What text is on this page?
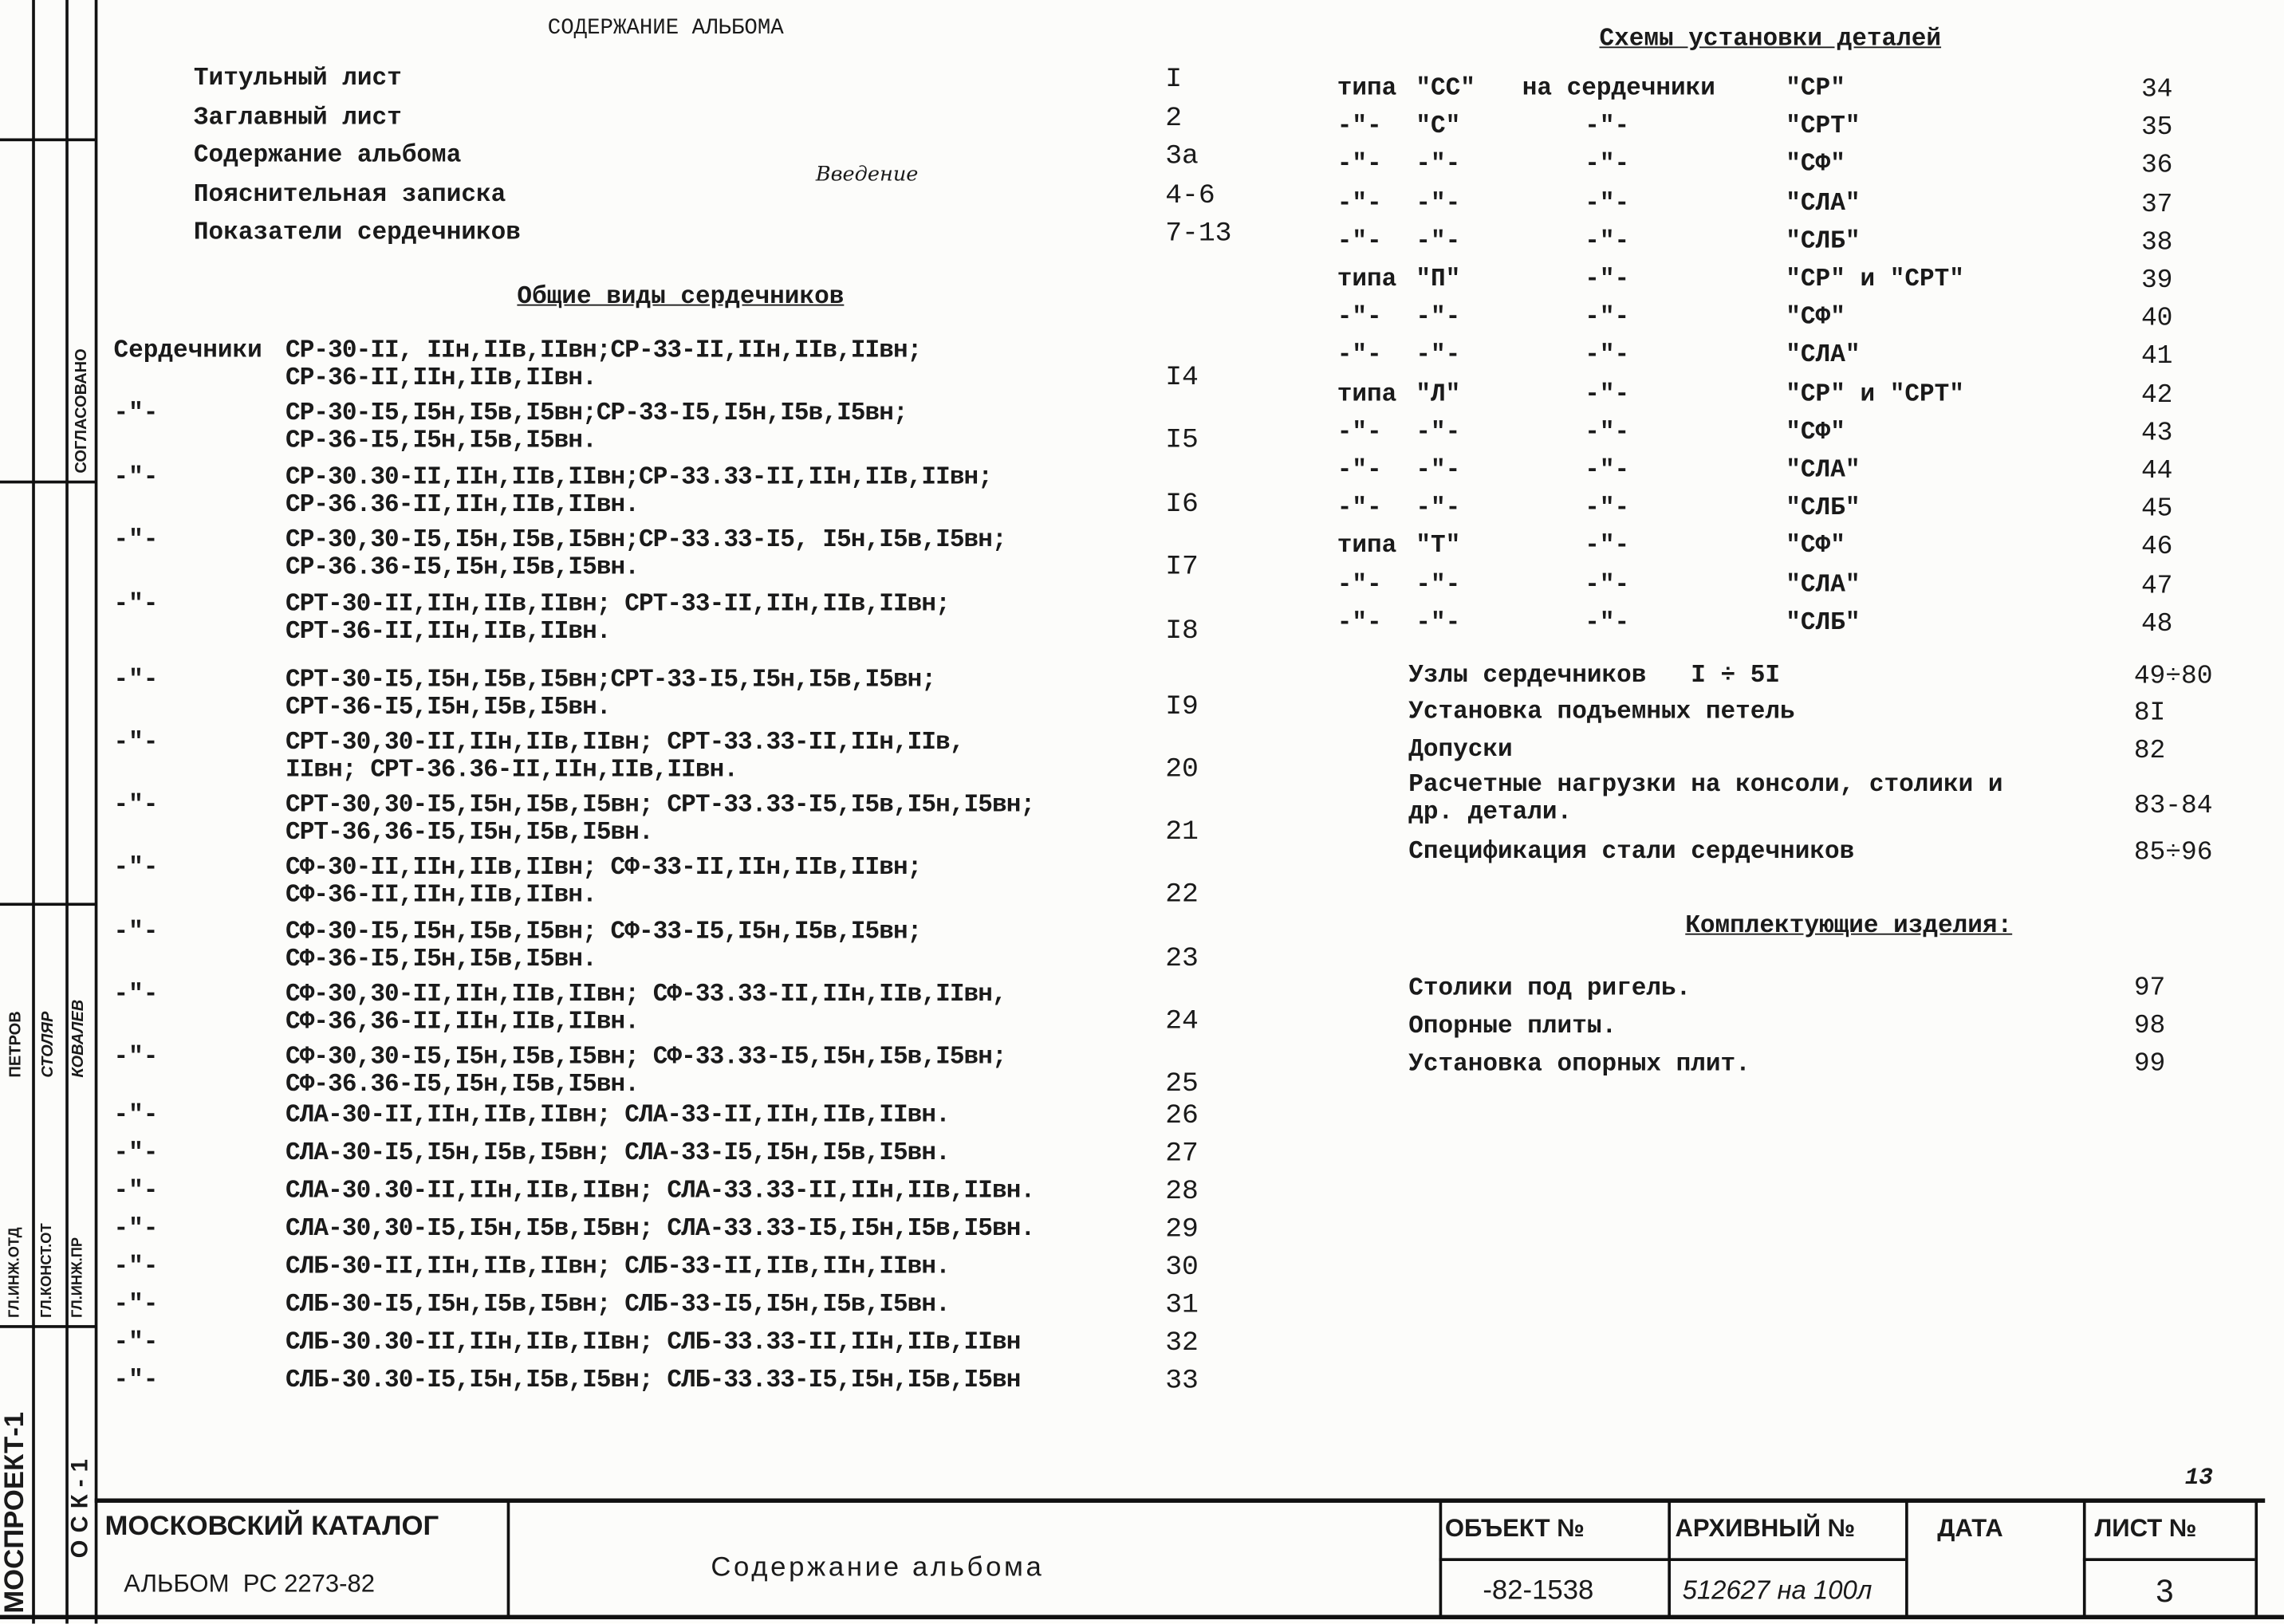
МОСПРОЕКТ-1	ОСК-1
СОГЛАСОВАНО
ГЛ.ИНЖ.ОТД ГЛ.КОНСТ.ОТ ГЛ.ИНЖ.ПР
ПЕТРОВ СТОЛЯР КОВАЛЕВ
СОДЕРЖАНИЕ АЛЬБОМА
Титульный лист	I
Заглавный лист	2
Содержание альбома	3а
Пояснительная записка	4-6
Показатели сердечников	7-13
Введение
Общие виды сердечников
Сердечники СР-30-II, IIн,IIв,IIвн;СР-33-II,IIн,IIв,IIвн;
СР-36-II,IIн,IIв,IIвн.	I4
-"-	СР-30-I5,I5н,I5в,I5вн;СР-33-I5,I5н,I5в,I5вн;
СР-36-I5,I5н,I5в,I5вн.	I5
-"-	СР-30.30-II,IIн,IIв,IIвн;СР-33.33-II,IIн,IIв,IIвн;
СР-36.36-II,IIн,IIв,IIвн.	I6
-"-	СР-30,30-I5,I5н,I5в,I5вн;СР-33.33-I5, I5н,I5в,I5вн;
СР-36.36-I5,I5н,I5в,I5вн.	I7
-"-	СРТ-30-II,IIн,IIв,IIвн; СРТ-33-II,IIн,IIв,IIвн;
СРТ-36-II,IIн,IIв,IIвн.	I8
-"-	СРТ-30-I5,I5н,I5в,I5вн;СРТ-33-I5,I5н,I5в,I5вн;
СРТ-36-I5,I5н,I5в,I5вн.	I9
-"-	СРТ-30,30-II,IIн,IIв,IIвн; СРТ-33.33-II,IIн,IIв,
IIвн; СРТ-36.36-II,IIн,IIв,IIвн.	20
-"-	СРТ-30,30-I5,I5н,I5в,I5вн; СРТ-33.33-I5,I5в,I5н,I5вн;
СРТ-36,36-I5,I5н,I5в,I5вн.	21
-"-	СФ-30-II,IIн,IIв,IIвн; СФ-33-II,IIн,IIв,IIвн;
СФ-36-II,IIн,IIв,IIвн.	22
-"-	СФ-30-I5,I5н,I5в,I5вн; СФ-33-I5,I5н,I5в,I5вн;
СФ-36-I5,I5н,I5в,I5вн.	23
-"-	СФ-30,30-II,IIн,IIв,IIвн; СФ-33.33-II,IIн,IIв,IIвн,
СФ-36,36-II,IIн,IIв,IIвн.	24
-"-	СФ-30,30-I5,I5н,I5в,I5вн; СФ-33.33-I5,I5н,I5в,I5вн;
СФ-36.36-I5,I5н,I5в,I5вн.	25
-"-	СЛА-30-II,IIн,IIв,IIвн; СЛА-33-II,IIн,IIв,IIвн.	26
-"-	СЛА-30-I5,I5н,I5в,I5вн; СЛА-33-I5,I5н,I5в,I5вн.	27
-"-	СЛА-30.30-II,IIн,IIв,IIвн; СЛА-33.33-II,IIн,IIв,IIвн.	28
-"-	СЛА-30,30-I5,I5н,I5в,I5вн; СЛА-33.33-I5,I5н,I5в,I5вн.	29
-"-	СЛБ-30-II,IIн,IIв,IIвн; СЛБ-33-II,IIв,IIн,IIвн.	30
-"-	СЛБ-30-I5,I5н,I5в,I5вн; СЛБ-33-I5,I5н,I5в,I5вн.	31
-"-	СЛБ-30.30-II,IIн,IIв,IIвн; СЛБ-33.33-II,IIн,IIв,IIвн	32
-"-	СЛБ-30.30-I5,I5н,I5в,I5вн; СЛБ-33.33-I5,I5н,I5в,I5вн	33
Схемы установки деталей
типа "СС"	на сердечники	"СР"	34
-"-	"С"	-"-	"СРТ"	35
-"-	-"-	-"-	"СФ"	36
-"-	-"-	-"-	"СЛА"	37
-"-	-"-	-"-	"СЛБ"	38
типа "П"	-"-	"СР" и "СРТ"	39
-"-	-"-	-"-	"СФ"	40
-"-	-"-	-"-	"СЛА"	41
типа "Л"	-"-	"СР" и "СРТ"	42
-"-	-"-	-"-	"СФ"	43
-"-	-"-	-"-	"СЛА"	44
-"-	-"-	-"-	"СЛБ"	45
типа "Т"	-"-	"СФ"	46
-"-	-"-	-"-	"СЛА"	47
-"-	-"-	-"-	"СЛБ"	48
Узлы сердечников   I ÷ 5I	49÷80
Установка подъемных петель	8I
Допуски	82
Расчетные нагрузки на консоли, столики и
др. детали.	83-84
Спецификация стали сердечников	85÷96
Комплектующие изделия:
Столики под ригель.	97
Опорные плиты.	98
Установка опорных плит.	99
13
МОСКОВСКИЙ КАТАЛОГ
АЛЬБОМ  РС 2273-82
Содержание альбома
ОБЪЕКТ №	АРХИВНЫЙ №	ДАТА	ЛИСТ №
-82-1538	512627 на 100л	3
